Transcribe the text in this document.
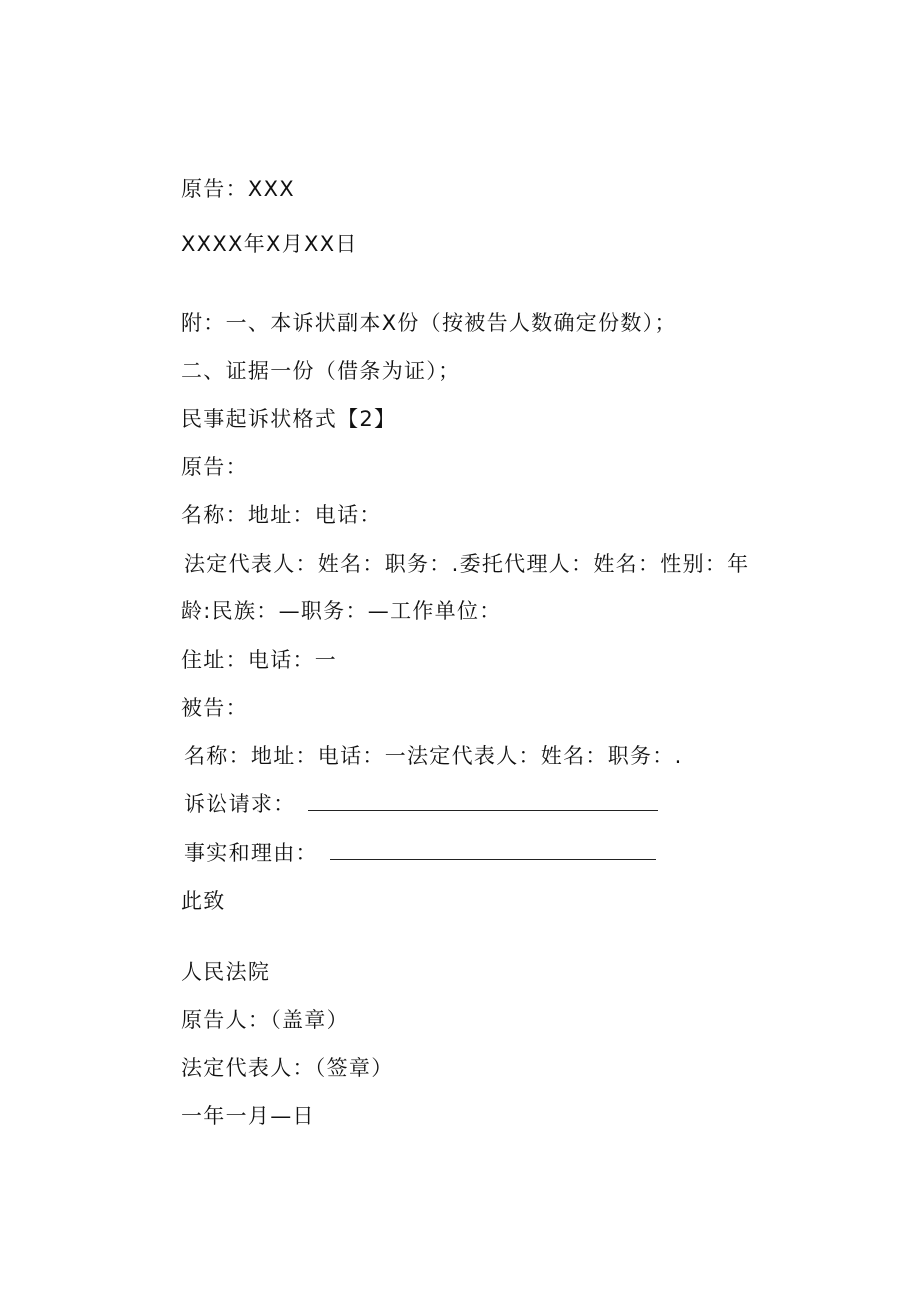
原告：XXX
XXXX年X月XX日
附：一、本诉状副本X份（按被告人数确定份数）；
二、证据一份（借条为证）；
民事起诉状格式【2】
原告：
名称：地址：电话：
法定代表人：姓名：职务：.委托代理人：姓名：性别：年
龄:民族：—职务：—工作单位：
住址：电话：一
被告：
名称：地址：电话：一法定代表人：姓名：职务：.
诉讼请求：
事实和理由：
此致
人民法院
原告人：（盖章）
法定代表人：（签章）
一年一月—日
